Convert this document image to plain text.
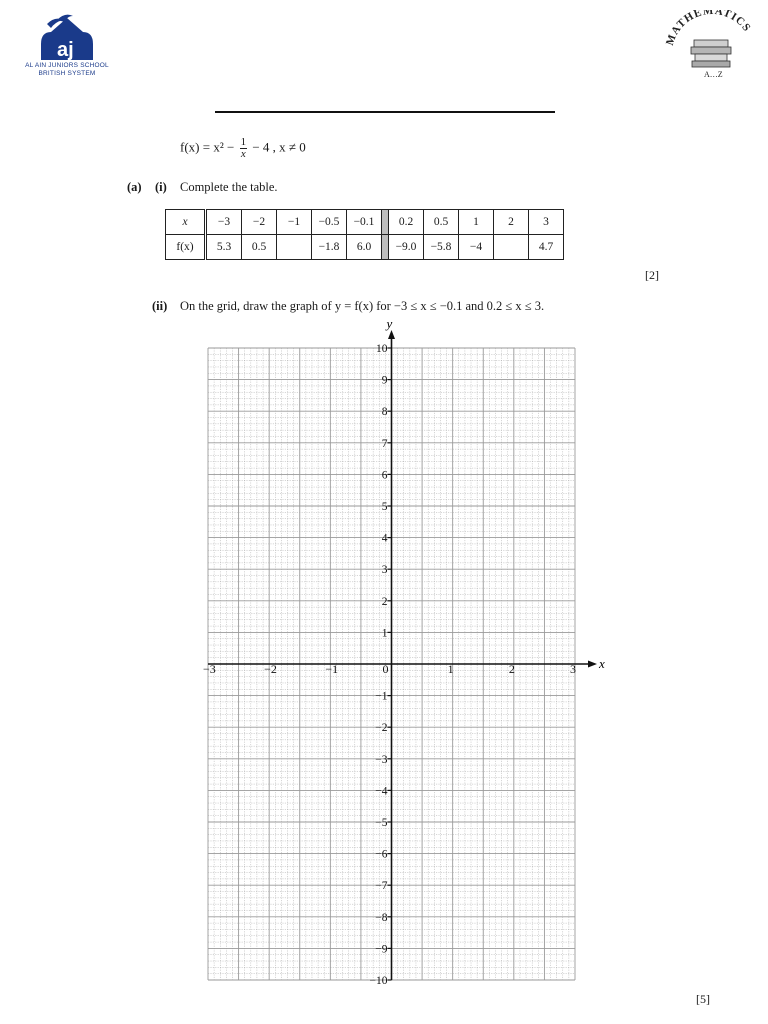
aj
AL AIN JUNIORS SCHOOL
BRITISH SYSTEM
MATHEMATICS
A…Z
$f(x) = x^2 - \frac{1}{x} - 4$ , x ≠ 0
(a) (i) Complete the table.
x	−3	−2	−1	−0.5	−0.1		0.2	0.5	1	2	3
f(x)	5.3	0.5		−1.8	6.0		−9.0	−5.8	−4		4.7
[2]
(ii) On the grid, draw the graph of y = f(x) for −3 ≤ x ≤ −0.1 and 0.2 ≤ x ≤ 3.
x
y
−3	−2	−1	0	1	2	3
10
9
8
7
6
5
4
3
2
1
−1
−2
−3
−4
−5
−6
−7
−8
−9
−10
[5]
